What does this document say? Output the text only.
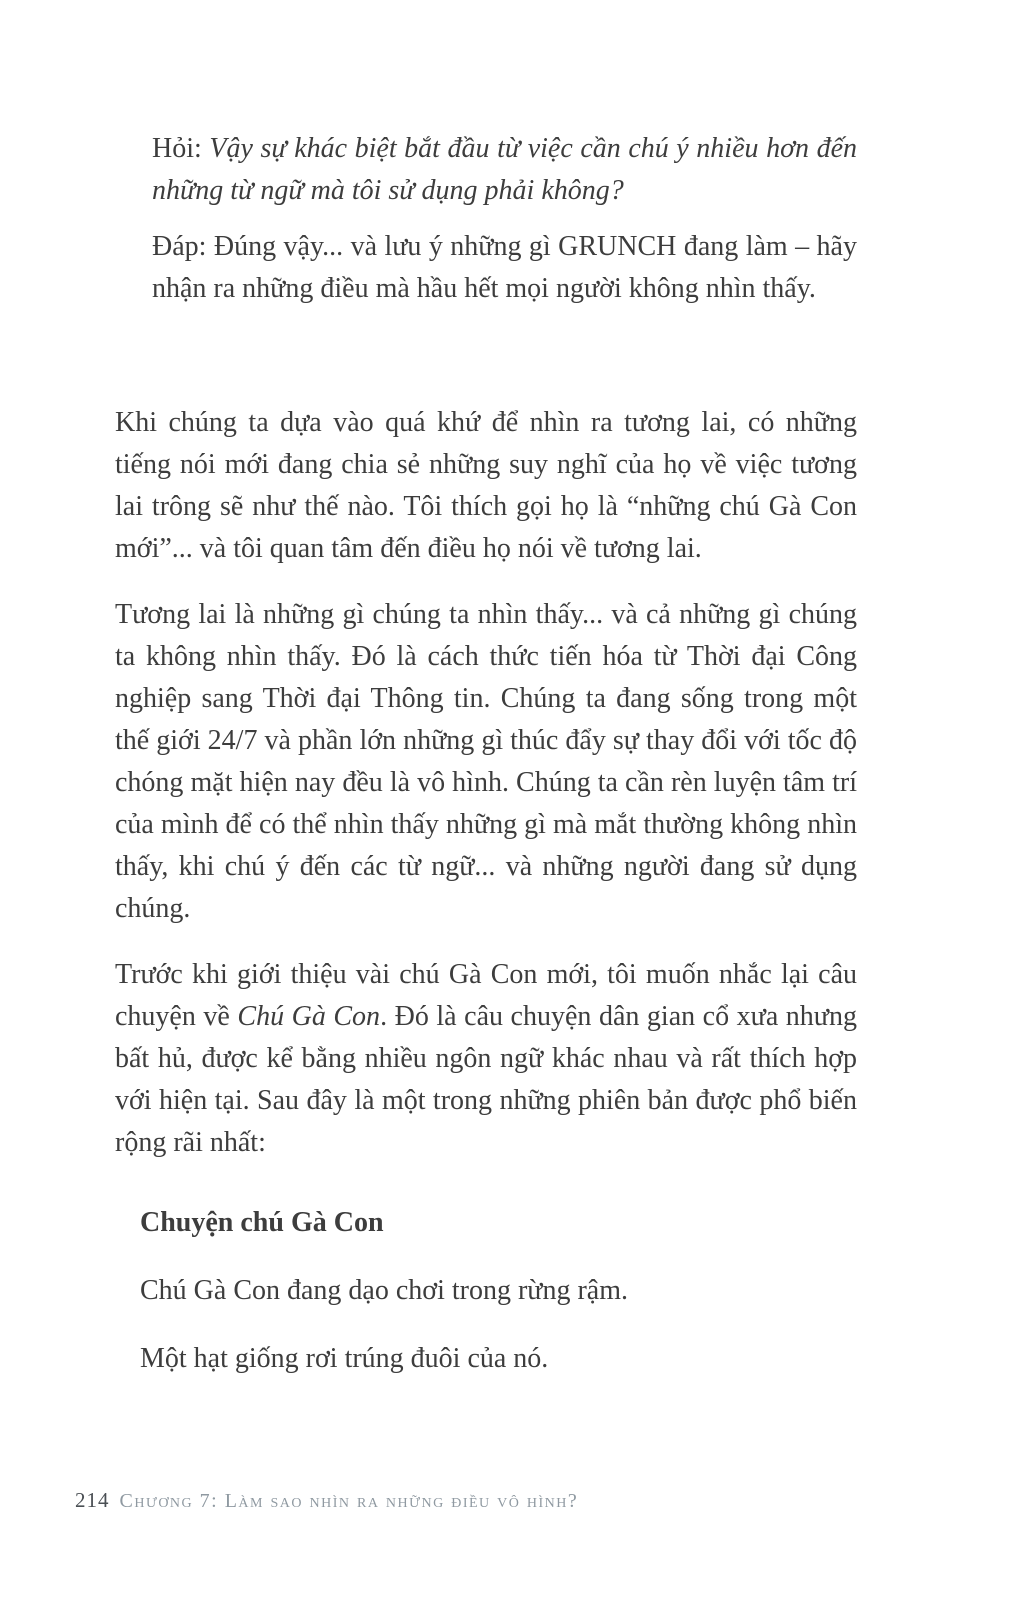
Hỏi: Vậy sự khác biệt bắt đầu từ việc cần chú ý nhiều hơn đến những từ ngữ mà tôi sử dụng phải không?

Đáp: Đúng vậy... và lưu ý những gì GRUNCH đang làm – hãy nhận ra những điều mà hầu hết mọi người không nhìn thấy.

Khi chúng ta dựa vào quá khứ để nhìn ra tương lai, có những tiếng nói mới đang chia sẻ những suy nghĩ của họ về việc tương lai trông sẽ như thế nào. Tôi thích gọi họ là “những chú Gà Con mới”... và tôi quan tâm đến điều họ nói về tương lai.

Tương lai là những gì chúng ta nhìn thấy... và cả những gì chúng ta không nhìn thấy. Đó là cách thức tiến hóa từ Thời đại Công nghiệp sang Thời đại Thông tin. Chúng ta đang sống trong một thế giới 24/7 và phần lớn những gì thúc đẩy sự thay đổi với tốc độ chóng mặt hiện nay đều là vô hình. Chúng ta cần rèn luyện tâm trí của mình để có thể nhìn thấy những gì mà mắt thường không nhìn thấy, khi chú ý đến các từ ngữ... và những người đang sử dụng chúng.

Trước khi giới thiệu vài chú Gà Con mới, tôi muốn nhắc lại câu chuyện về Chú Gà Con. Đó là câu chuyện dân gian cổ xưa nhưng bất hủ, được kể bằng nhiều ngôn ngữ khác nhau và rất thích hợp với hiện tại. Sau đây là một trong những phiên bản được phổ biến rộng rãi nhất:

Chuyện chú Gà Con

Chú Gà Con đang dạo chơi trong rừng rậm.

Một hạt giống rơi trúng đuôi của nó.

214 Chương 7: Làm sao nhìn ra những điều vô hình?
